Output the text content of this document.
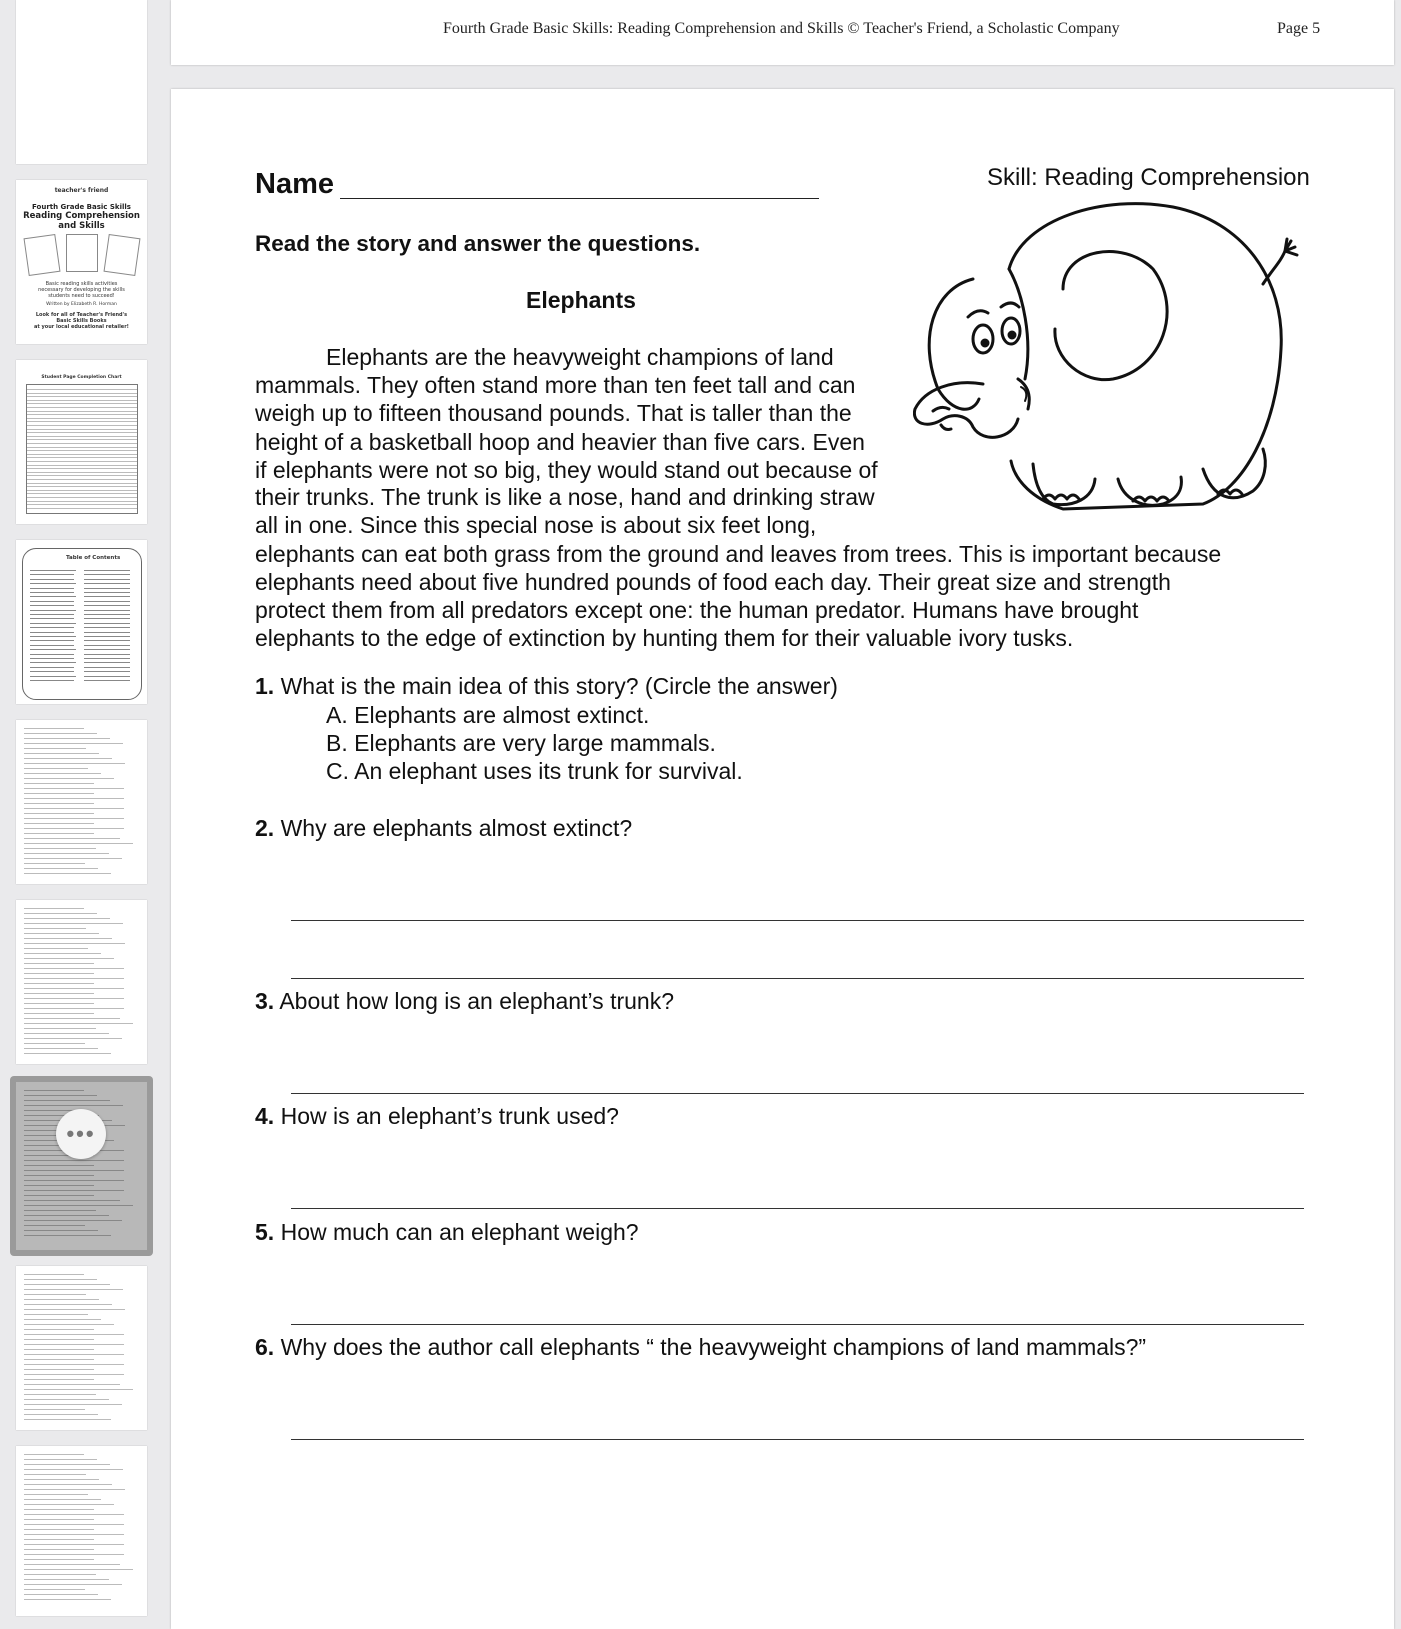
teacher's friend
Fourth Grade Basic Skills
Reading Comprehension
and Skills
Basic reading skills activities
necessary for developing the skills
students need to succeed!
Written by Elizabeth R. Horman
Look for all of Teacher's Friend's
Basic Skills Books
at your local educational retailer!
Student Page Completion Chart
Table of Contents
•••
Fourth Grade Basic Skills: Reading Comprehension and Skills © Teacher's Friend, a Scholastic Company	Page 5
Name	Skill: Reading Comprehension
Read the story and answer the questions.
Elephants
Elephants are the heavyweight champions of land
mammals. They often stand more than ten feet tall and can
weigh up to fifteen thousand pounds. That is taller than the
height of a basketball hoop and heavier than five cars. Even
if elephants were not so big, they would stand out because of
their trunks. The trunk is like a nose, hand and drinking straw
all in one. Since this special nose is about six feet long,
elephants can eat both grass from the ground and leaves from trees. This is important because
elephants need about five hundred pounds of food each day. Their great size and strength
protect them from all predators except one: the human predator. Humans have brought
elephants to the edge of extinction by hunting them for their valuable ivory tusks.
1. What is the main idea of this story? (Circle the answer)
A. Elephants are almost extinct.
B. Elephants are very large mammals.
C. An elephant uses its trunk for survival.
2. Why are elephants almost extinct?
3. About how long is an elephant’s trunk?
4. How is an elephant’s trunk used?
5. How much can an elephant weigh?
6. Why does the author call elephants “ the heavyweight champions of land mammals?”
